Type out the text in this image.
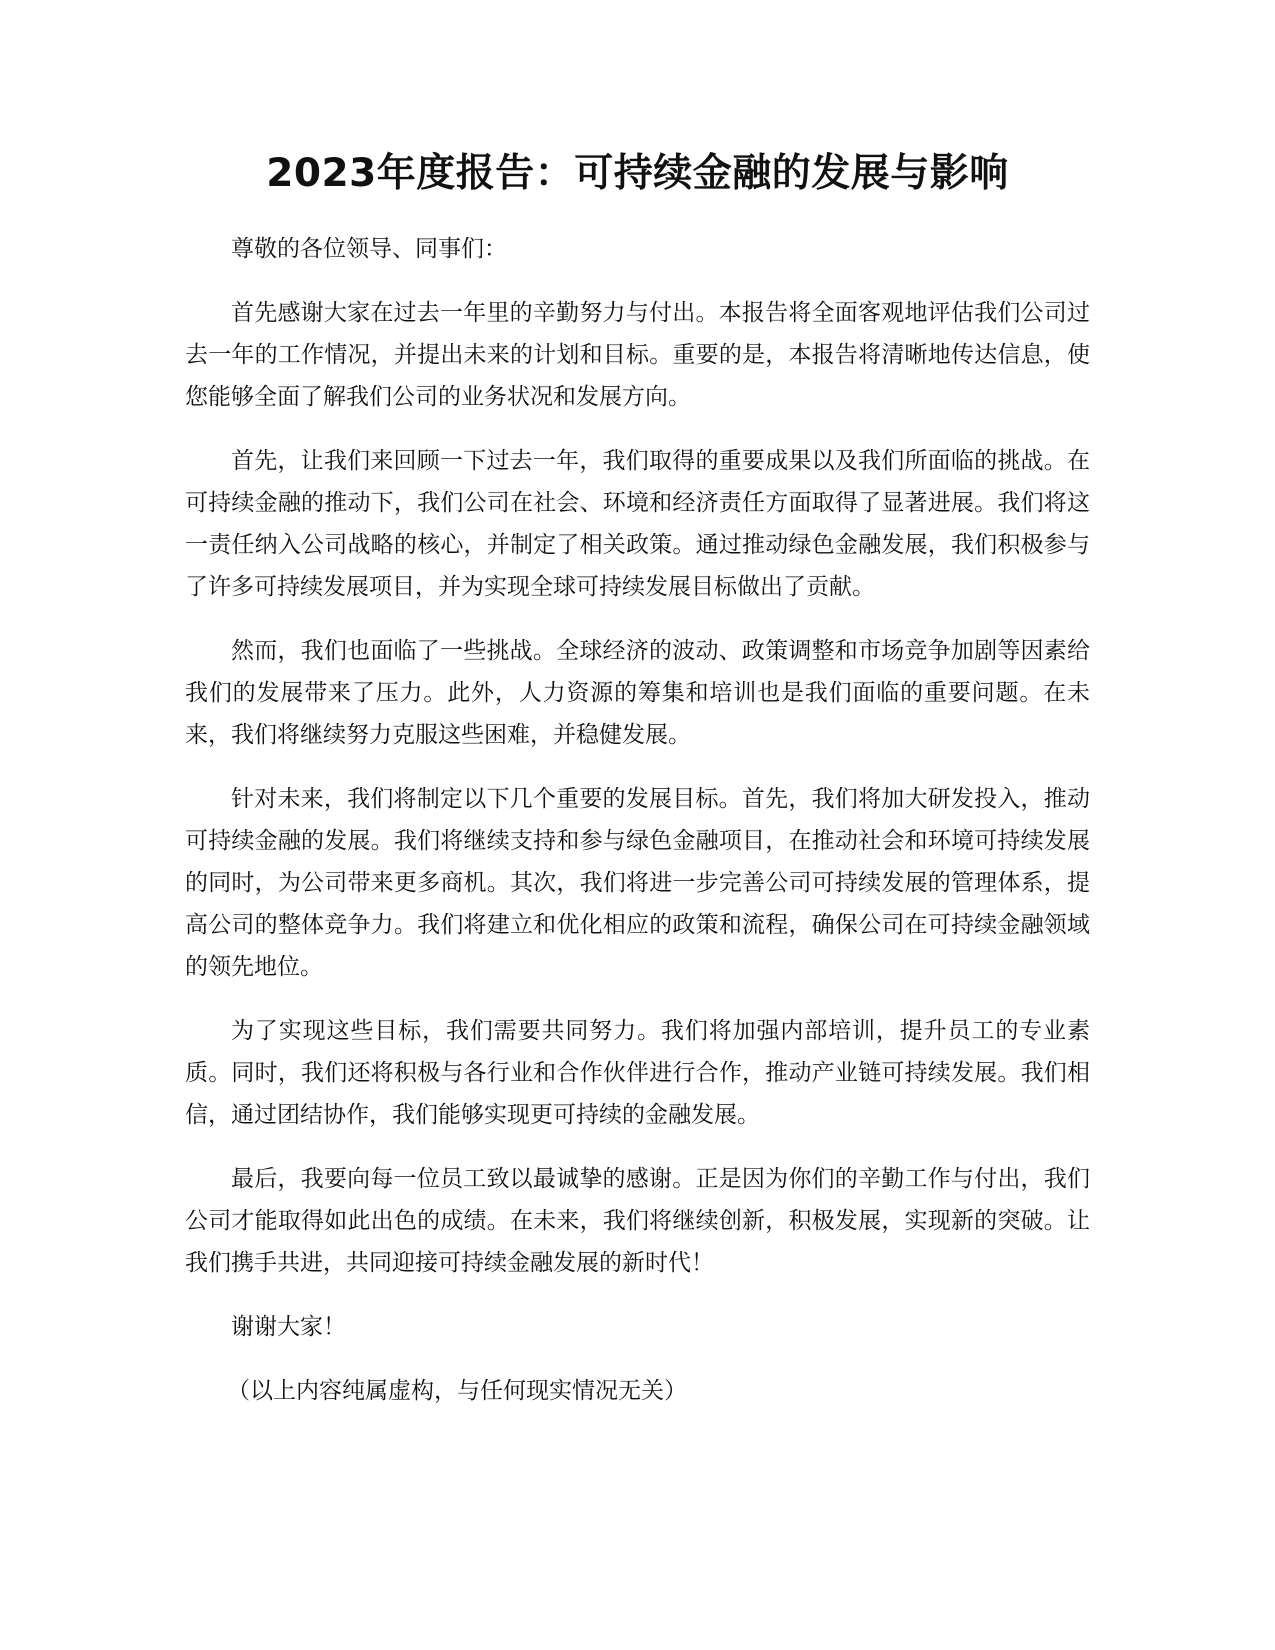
2023年度报告：可持续金融的发展与影响

尊敬的各位领导、同事们：

首先感谢大家在过去一年里的辛勤努力与付出。本报告将全面客观地评估我们公司过去一年的工作情况，并提出未来的计划和目标。重要的是，本报告将清晰地传达信息，使您能够全面了解我们公司的业务状况和发展方向。

首先，让我们来回顾一下过去一年，我们取得的重要成果以及我们所面临的挑战。在可持续金融的推动下，我们公司在社会、环境和经济责任方面取得了显著进展。我们将这一责任纳入公司战略的核心，并制定了相关政策。通过推动绿色金融发展，我们积极参与了许多可持续发展项目，并为实现全球可持续发展目标做出了贡献。

然而，我们也面临了一些挑战。全球经济的波动、政策调整和市场竞争加剧等因素给我们的发展带来了压力。此外，人力资源的筹集和培训也是我们面临的重要问题。在未来，我们将继续努力克服这些困难，并稳健发展。

针对未来，我们将制定以下几个重要的发展目标。首先，我们将加大研发投入，推动可持续金融的发展。我们将继续支持和参与绿色金融项目，在推动社会和环境可持续发展的同时，为公司带来更多商机。其次，我们将进一步完善公司可持续发展的管理体系，提高公司的整体竞争力。我们将建立和优化相应的政策和流程，确保公司在可持续金融领域的领先地位。

为了实现这些目标，我们需要共同努力。我们将加强内部培训，提升员工的专业素质。同时，我们还将积极与各行业和合作伙伴进行合作，推动产业链可持续发展。我们相信，通过团结协作，我们能够实现更可持续的金融发展。

最后，我要向每一位员工致以最诚挚的感谢。正是因为你们的辛勤工作与付出，我们公司才能取得如此出色的成绩。在未来，我们将继续创新，积极发展，实现新的突破。让我们携手共进，共同迎接可持续金融发展的新时代！

谢谢大家！

（以上内容纯属虚构，与任何现实情况无关）
